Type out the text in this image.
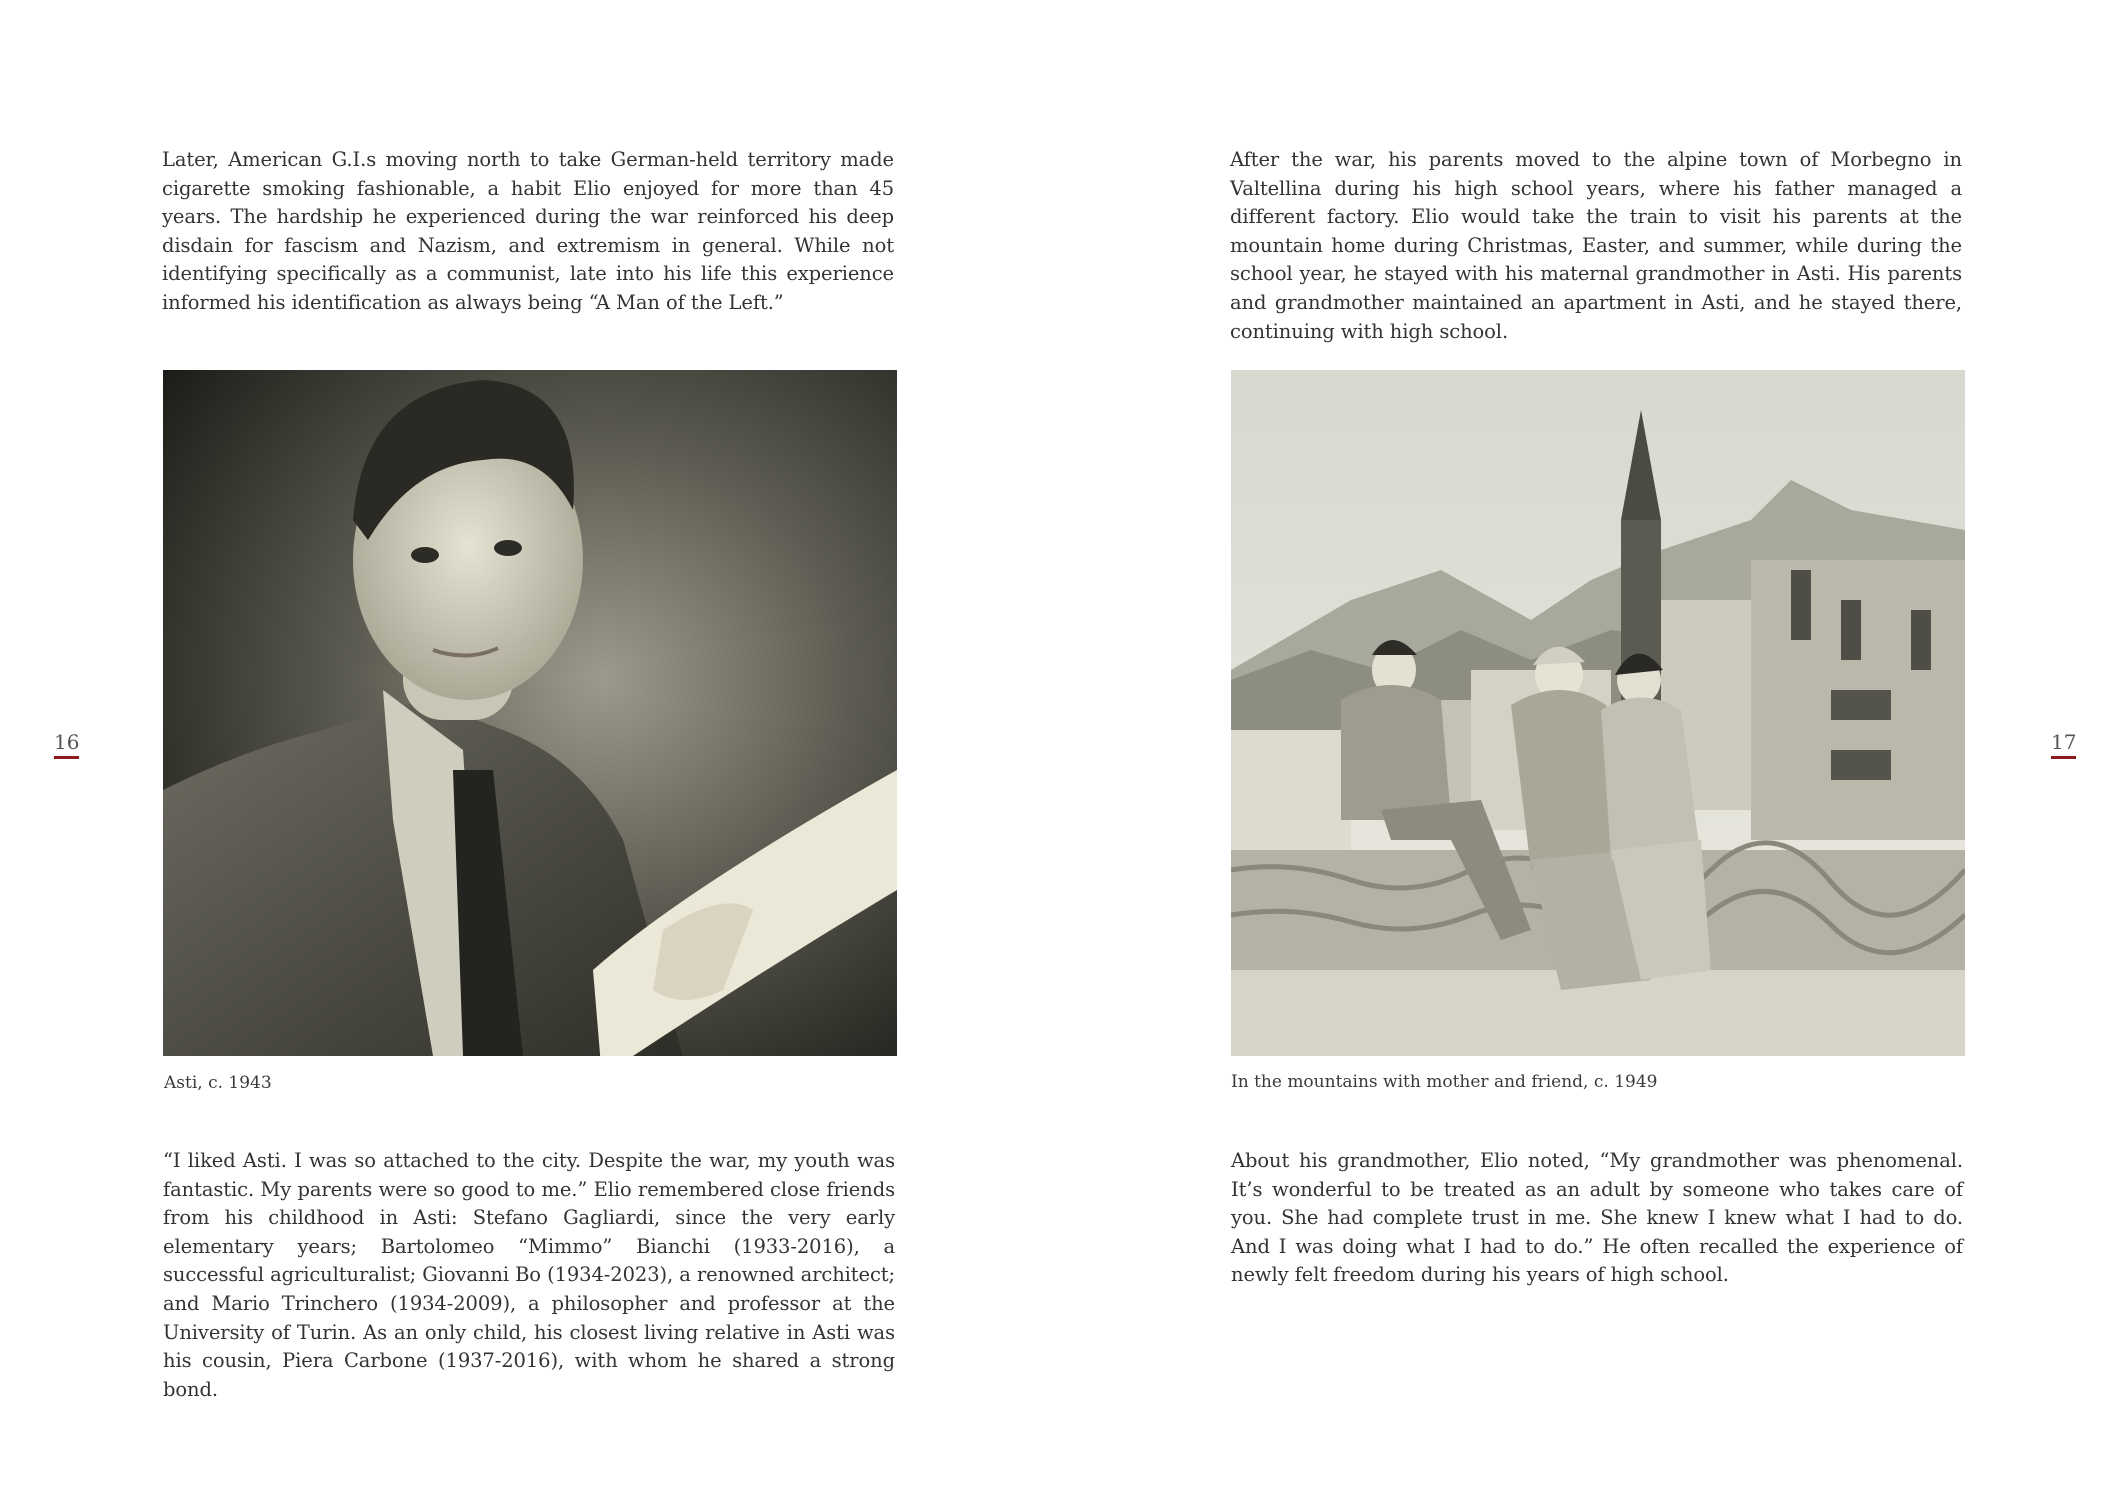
Later, American G.I.s moving north to take German-held territory made cigarette smoking fashionable, a habit Elio enjoyed for more than 45 years. The hardship he experienced during the war reinforced his deep disdain for fascism and Nazism, and extremism in general. While not identifying specifically as a communist, late into his life this experience informed his identification as always being “A Man of the Left.”
Asti, c. 1943
“I liked Asti. I was so attached to the city. Despite the war, my youth was fantastic. My parents were so good to me.” Elio remembered close friends from his childhood in Asti: Stefano Gagliardi, since the very early elementary years; Bartolomeo “Mimmo” Bianchi (1933-2016), a successful agriculturalist; Giovanni Bo (1934-2023), a renowned architect; and Mario Trinchero (1934-2009), a philosopher and professor at the University of Turin. As an only child, his closest living relative in Asti was his cousin, Piera Carbone (1937-2016), with whom he shared a strong bond.
16
After the war, his parents moved to the alpine town of Morbegno in Valtellina during his high school years, where his father managed a different factory. Elio would take the train to visit his parents at the mountain home during Christmas, Easter, and summer, while during the school year, he stayed with his maternal grandmother in Asti. His parents and grandmother maintained an apartment in Asti, and he stayed there, continuing with high school.
In the mountains with mother and friend, c. 1949
About his grandmother, Elio noted, “My grandmother was phenomenal. It’s wonderful to be treated as an adult by someone who takes care of you. She had complete trust in me. She knew I knew what I had to do. And I was doing what I had to do.” He often recalled the experience of newly felt freedom during his years of high school.
17
